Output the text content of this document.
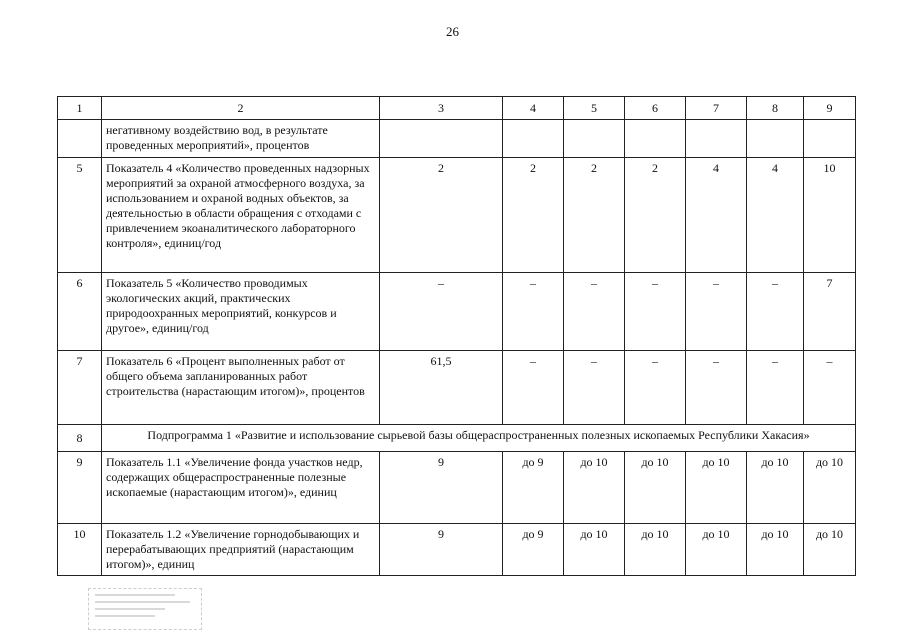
26
1	2	3	4	5	6	7	8	9
	негативному воздействию вод, в результате проведенных мероприятий», процентов							
5	Показатель 4 «Количество проведенных надзорных мероприятий за охраной атмосферного воздуха, за использованием и охраной водных объектов, за деятельностью в области обращения с отходами с привлечением экоаналитического лабораторного контроля», единиц/год	2	2	2	2	4	4	10
6	Показатель 5 «Количество проводимых экологических акций, практических природоохранных мероприятий, конкурсов и другое», единиц/год	–	–	–	–	–	–	7
7	Показатель 6 «Процент выполненных работ от общего объема запланированных работ строительства (нарастающим итогом)», процентов	61,5	–	–	–	–	–	–
8	Подпрограмма 1 «Развитие и использование сырьевой базы общераспространенных полезных ископаемых Республики Хакасия»							
9	Показатель 1.1 «Увеличение фонда участков недр, содержащих общераспространенные полезные ископаемые (нарастающим итогом)», единиц	9	до 9	до 10	до 10	до 10	до 10	до 10
10	Показатель 1.2 «Увеличение горнодобывающих и перерабатывающих предприятий (нарастающим итогом)», единиц	9	до 9	до 10	до 10	до 10	до 10	до 10
